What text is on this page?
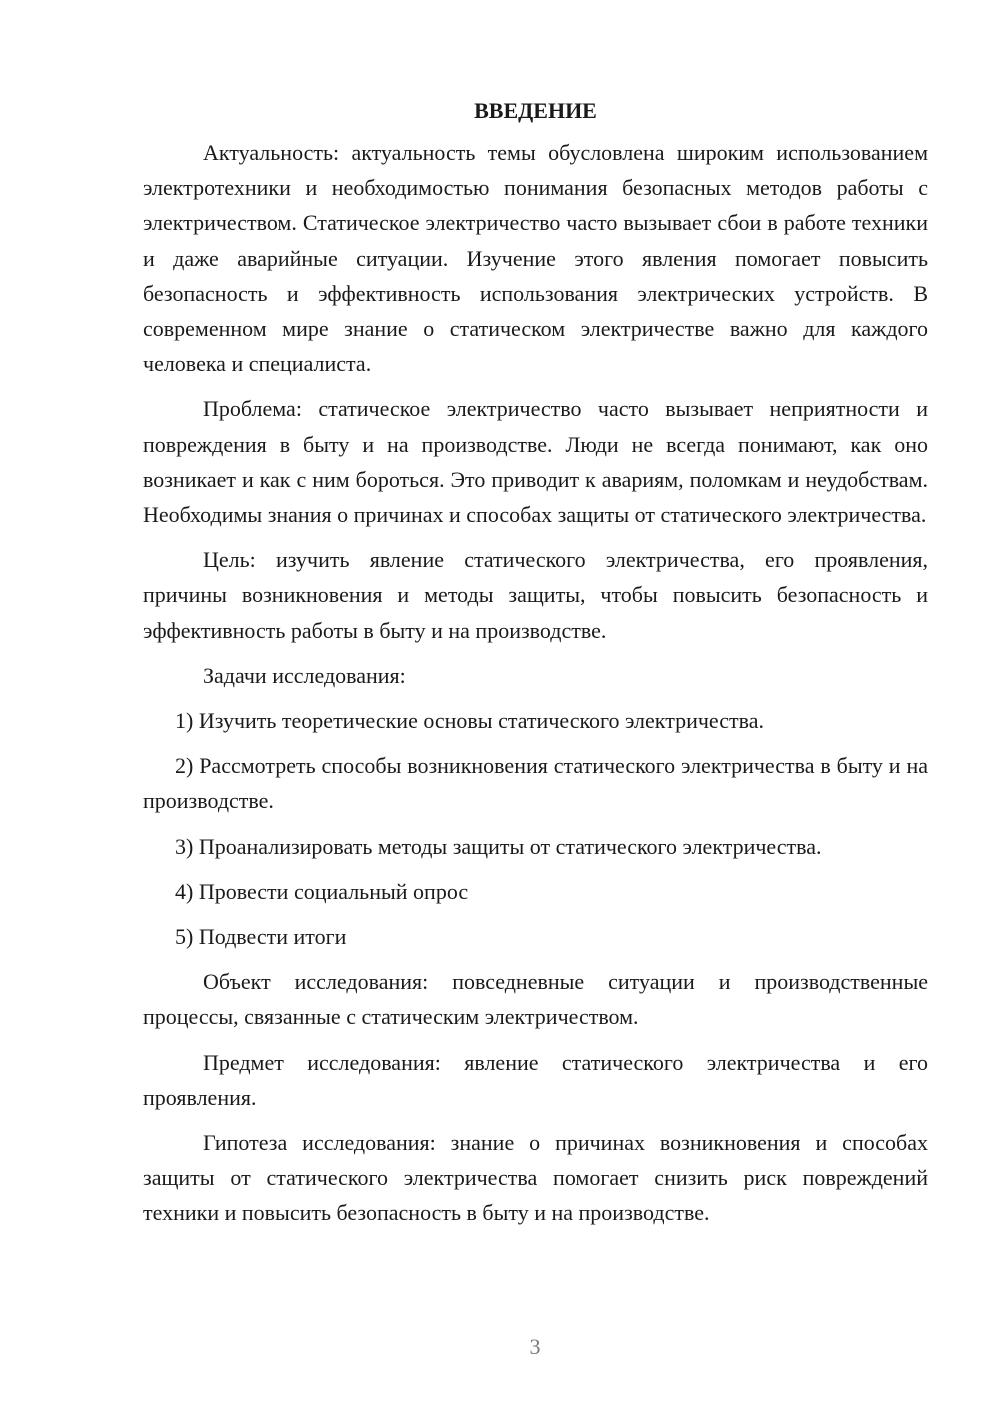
ВВЕДЕНИЕ

Актуальность: актуальность темы обусловлена широким использованием электротехники и необходимостью понимания безопасных методов работы с электричеством. Статическое электричество часто вызывает сбои в работе техники и даже аварийные ситуации. Изучение этого явления помогает повысить безопасность и эффективность использования электрических устройств. В современном мире знание о статическом электричестве важно для каждого человека и специалиста.

Проблема: статическое электричество часто вызывает неприятности и повреждения в быту и на производстве. Люди не всегда понимают, как оно возникает и как с ним бороться. Это приводит к авариям, поломкам и неудобствам. Необходимы знания о причинах и способах защиты от статического электричества.

Цель: изучить явление статического электричества, его проявления, причины возникновения и методы защиты, чтобы повысить безопасность и эффективность работы в быту и на производстве.

Задачи исследования:

1) Изучить теоретические основы статического электричества.

2) Рассмотреть способы возникновения статического электричества в быту и на производстве.

3) Проанализировать методы защиты от статического электричества.

4) Провести социальный опрос

5) Подвести итоги

Объект исследования: повседневные ситуации и производственные процессы, связанные с статическим электричеством.

Предмет исследования: явление статического электричества и его проявления.

Гипотеза исследования: знание о причинах возникновения и способах защиты от статического электричества помогает снизить риск повреждений техники и повысить безопасность в быту и на производстве.

3
